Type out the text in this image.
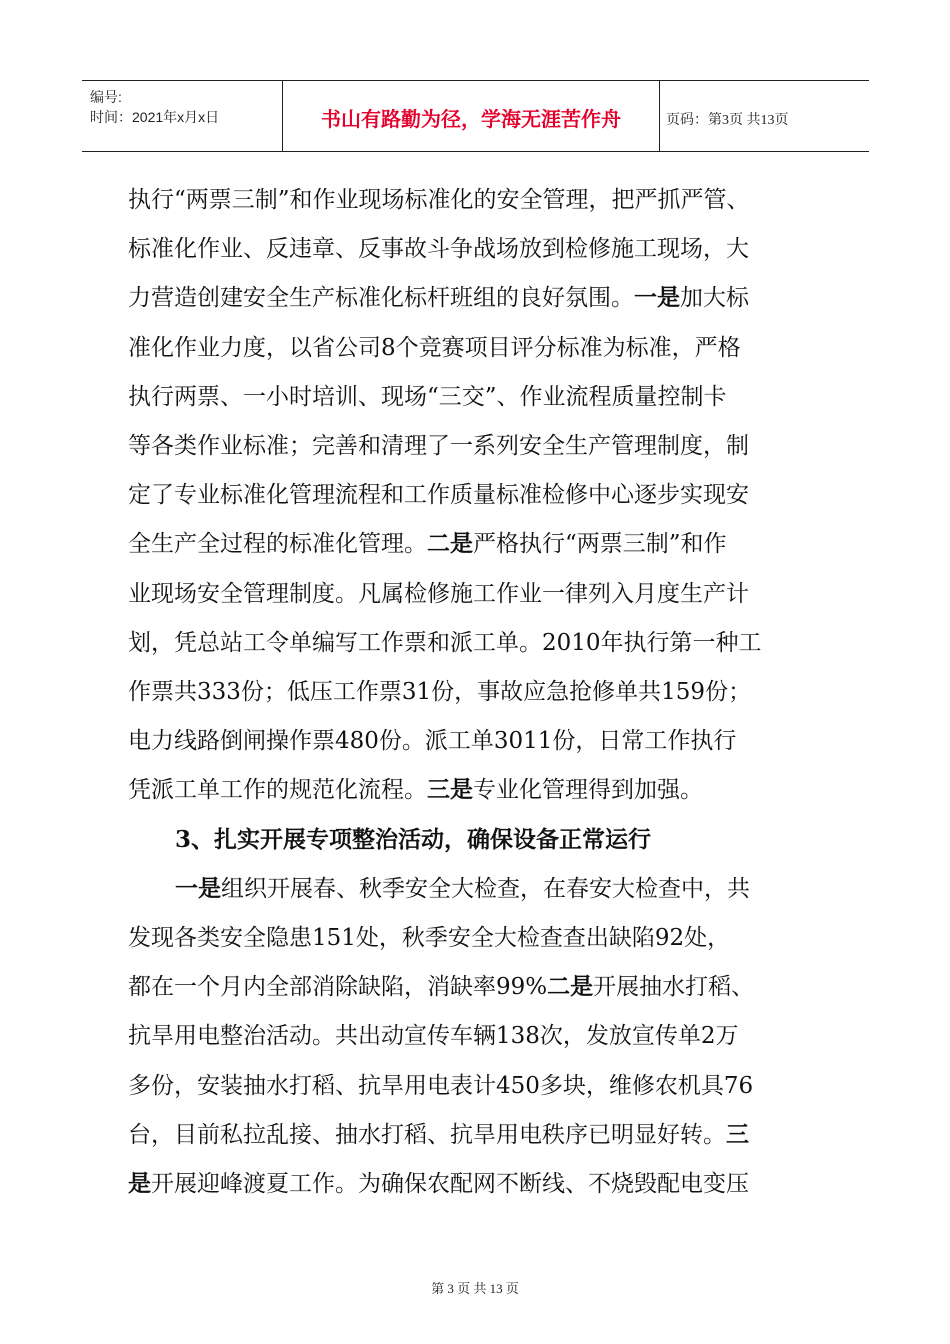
编号:
时间：2021年x月x日	书山有路勤为径，学海无涯苦作舟	页码：第3页 共13页
执行“两票三制”和作业现场标准化的安全管理，把严抓严管、
标准化作业、反违章、反事故斗争战场放到检修施工现场，大
力营造创建安全生产标准化标杆班组的良好氛围。一是加大标
准化作业力度，以省公司8个竞赛项目评分标准为标准，严格
执行两票、一小时培训、现场“三交”、作业流程质量控制卡
等各类作业标准；完善和清理了一系列安全生产管理制度，制
定了专业标准化管理流程和工作质量标准检修中心逐步实现安
全生产全过程的标准化管理。二是严格执行“两票三制”和作
业现场安全管理制度。凡属检修施工作业一律列入月度生产计
划，凭总站工令单编写工作票和派工单。2010年执行第一种工
作票共333份；低压工作票31份，事故应急抢修单共159份；
电力线路倒闸操作票480份。派工单3011份，日常工作执行
凭派工单工作的规范化流程。三是专业化管理得到加强。
3、扎实开展专项整治活动，确保设备正常运行
一是组织开展春、秋季安全大检查，在春安大检查中，共
发现各类安全隐患151处，秋季安全大检查查出缺陷92处，
都在一个月内全部消除缺陷，消缺率99%二是开展抽水打稻、
抗旱用电整治活动。共出动宣传车辆138次，发放宣传单2万
多份，安装抽水打稻、抗旱用电表计450多块，维修农机具76
台，目前私拉乱接、抽水打稻、抗旱用电秩序已明显好转。三
是开展迎峰渡夏工作。为确保农配网不断线、不烧毁配电变压
第 3 页 共 13 页
